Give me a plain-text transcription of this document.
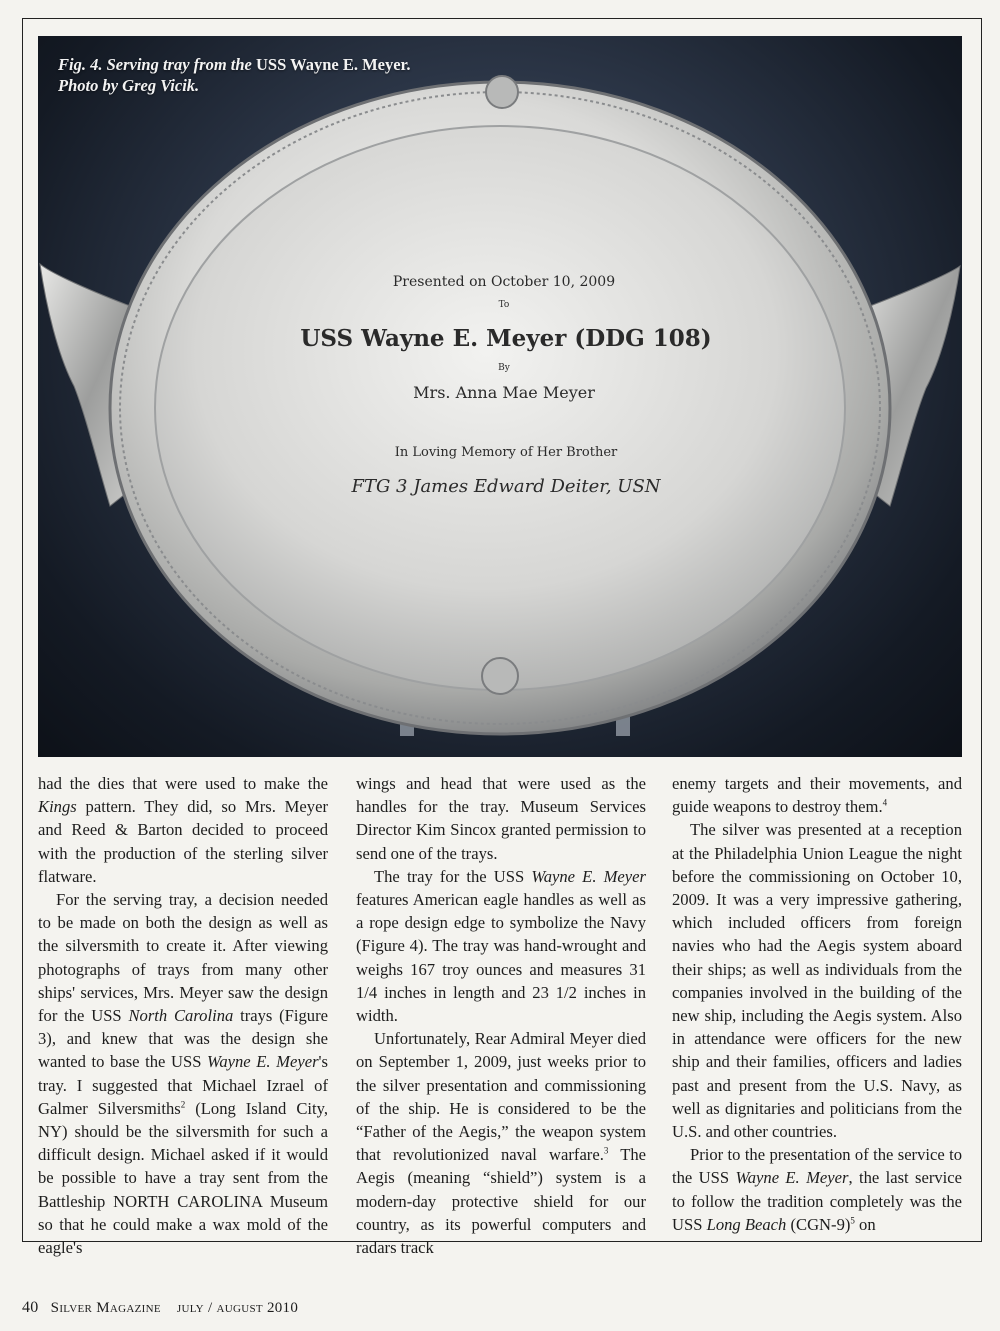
Presented on October 10, 2009
To
USS Wayne E. Meyer (DDG 108)
By
Mrs. Anna Mae Meyer
In Loving Memory of Her Brother
FTG 3 James Edward Deiter, USN
Fig. 4. Serving tray from the USS Wayne E. Meyer.
Photo by Greg Vicik.

had the dies that were used to make the Kings pattern. They did, so Mrs. Meyer and Reed & Barton decided to proceed with the production of the sterling silver flatware.

For the serving tray, a decision needed to be made on both the design as well as the silversmith to create it. After viewing photographs of trays from many other ships' services, Mrs. Meyer saw the design for the USS North Carolina trays (Figure 3), and knew that was the design she wanted to base the USS Wayne E. Meyer's tray. I suggested that Michael Izrael of Galmer Silversmiths$^2$ (Long Island City, NY) should be the silversmith for such a difficult design. Michael asked if it would be possible to have a tray sent from the Battleship NORTH CAROLINA Museum so that he could make a wax mold of the eagle's

wings and head that were used as the handles for the tray. Museum Services Director Kim Sincox granted permission to send one of the trays.

The tray for the USS Wayne E. Meyer features American eagle handles as well as a rope design edge to symbolize the Navy (Figure 4). The tray was hand-wrought and weighs 167 troy ounces and measures 31 1/4 inches in length and 23 1/2 inches in width.

Unfortunately, Rear Admiral Meyer died on September 1, 2009, just weeks prior to the silver presentation and commissioning of the ship. He is considered to be the “Father of the Aegis,” the weapon system that revolutionized naval warfare.$^3$ The Aegis (meaning “shield”) system is a modern-day protective shield for our country, as its powerful computers and radars track

enemy targets and their movements, and guide weapons to destroy them.$^4$

The silver was presented at a reception at the Philadelphia Union League the night before the commissioning on October 10, 2009. It was a very impressive gathering, which included officers from foreign navies who had the Aegis system aboard their ships; as well as individuals from the companies involved in the building of the new ship, including the Aegis system. Also in attendance were officers for the new ship and their families, officers and ladies past and present from the U.S. Navy, as well as dignitaries and politicians from the U.S. and other countries.

Prior to the presentation of the service to the USS Wayne E. Meyer, the last service to follow the tradition completely was the USS Long Beach $(CGN-9)^5$ on

40 Silver Magazine july / august 2010
